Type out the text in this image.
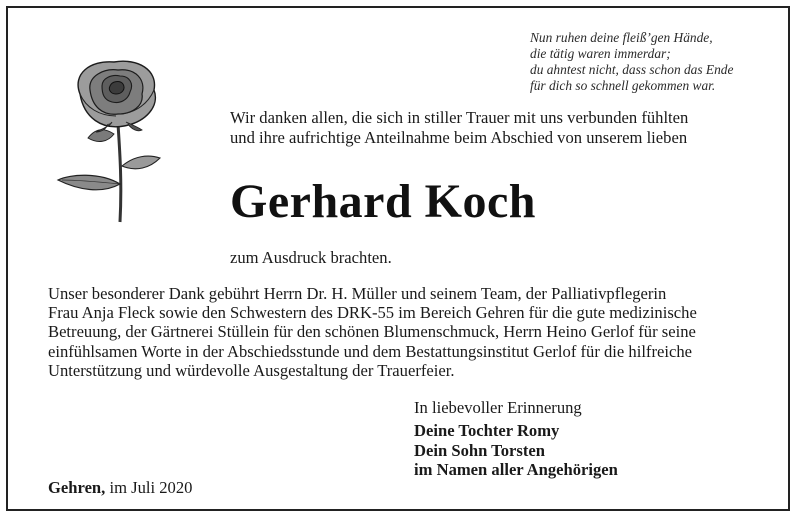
Nun ruhen deine fleiß’gen Hände,
die tätig waren immerdar;
du ahntest nicht, dass schon das Ende
für dich so schnell gekommen war.
Wir danken allen, die sich in stiller Trauer mit uns verbunden fühlten
und ihre aufrichtige Anteilnahme beim Abschied von unserem lieben
Gerhard Koch
zum Ausdruck brachten.
Unser besonderer Dank gebührt Herrn Dr. H. Müller und seinem Team, der Palliativpflegerin
Frau Anja Fleck sowie den Schwestern des DRK-55 im Bereich Gehren für die gute medizinische
Betreuung, der Gärtnerei Stüllein für den schönen Blumenschmuck, Herrn Heino Gerlof für seine
einfühlsamen Worte in der Abschiedsstunde und dem Bestattungsinstitut Gerlof für die hilfreiche
Unterstützung und würdevolle Ausgestaltung der Trauerfeier.
In liebevoller Erinnerung
Deine Tochter Romy
Dein Sohn Torsten
im Namen aller Angehörigen
Gehren, im Juli 2020
